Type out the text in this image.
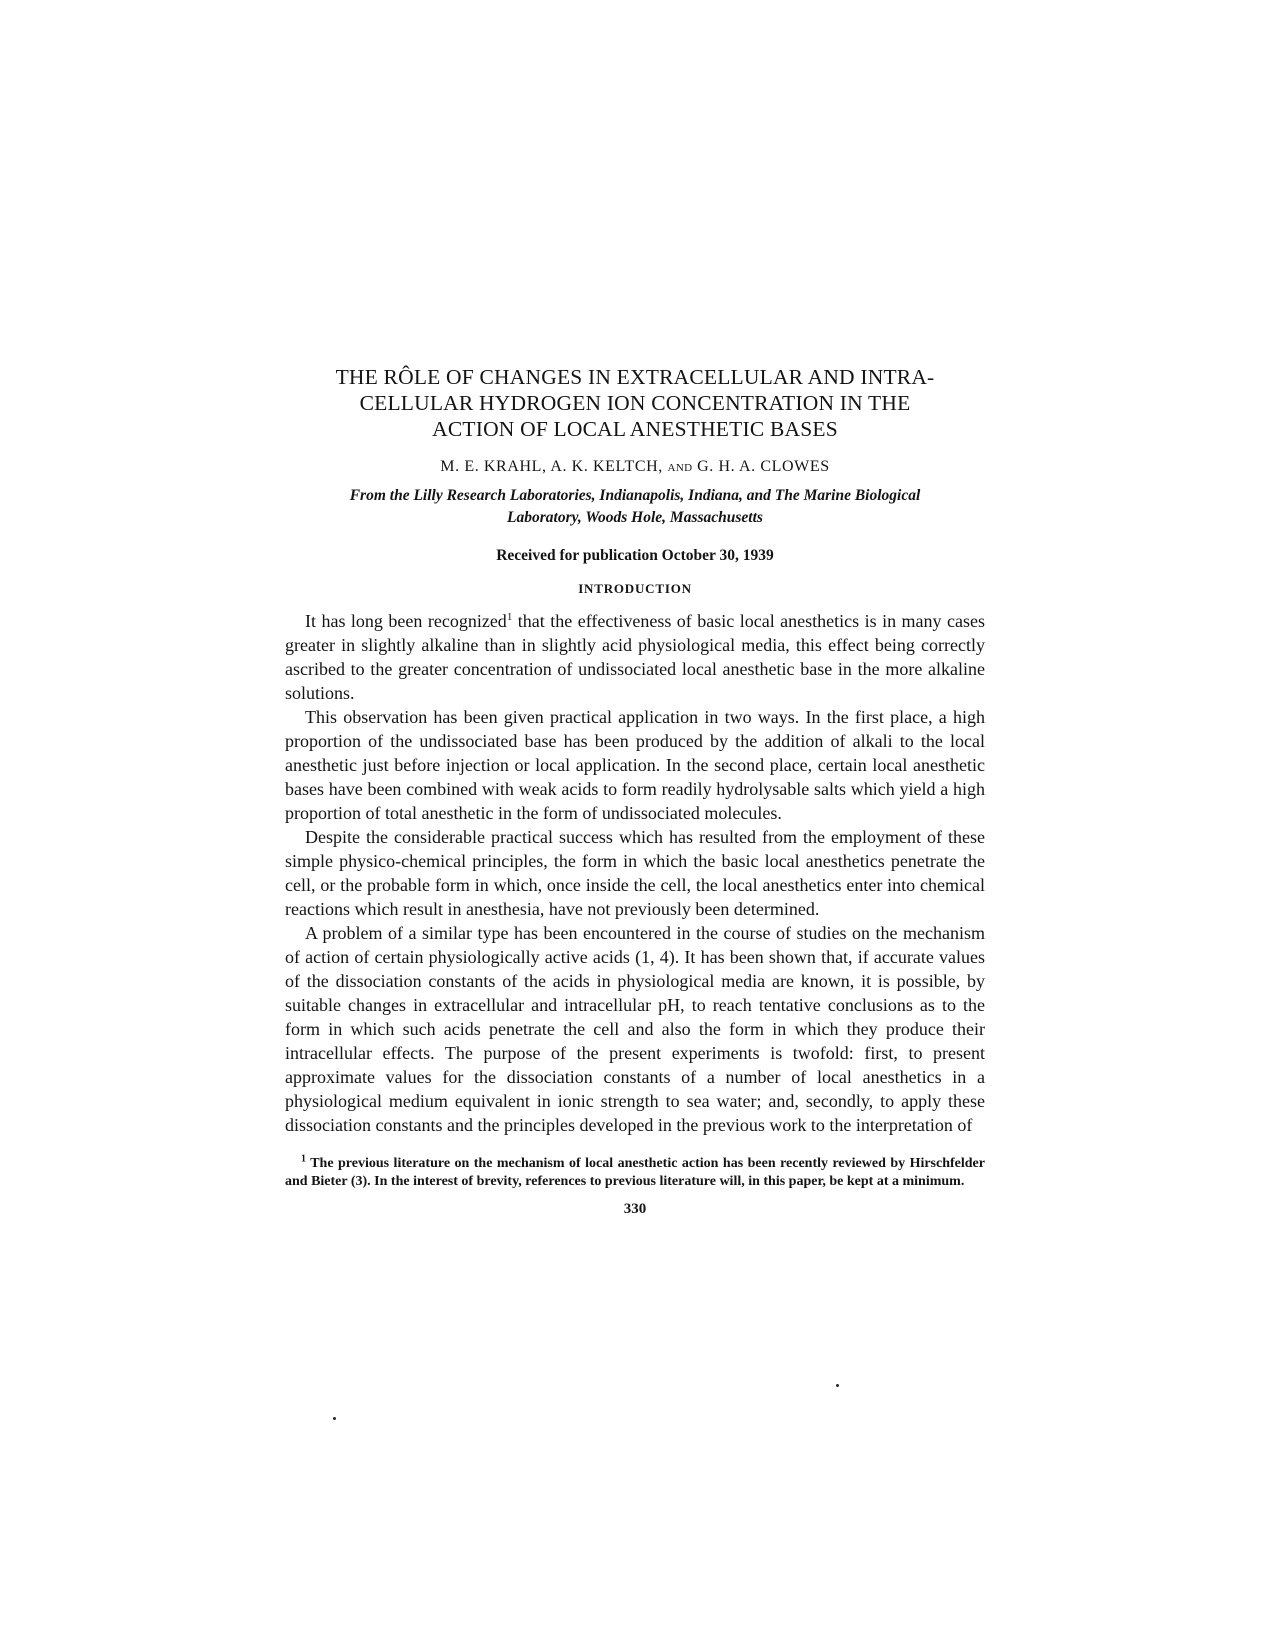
THE RÔLE OF CHANGES IN EXTRACELLULAR AND INTRA-
CELLULAR HYDROGEN ION CONCENTRATION IN THE
ACTION OF LOCAL ANESTHETIC BASES

M. E. KRAHL, A. K. KELTCH, AND G. H. A. CLOWES

From the Lilly Research Laboratories, Indianapolis, Indiana, and The Marine Biological
Laboratory, Woods Hole, Massachusetts

Received for publication October 30, 1939

INTRODUCTION

It has long been recognized$^1$ that the effectiveness of basic local anesthetics is in many cases greater in slightly alkaline than in slightly acid physiological media, this effect being correctly ascribed to the greater concentration of undissociated local anesthetic base in the more alkaline solutions.

This observation has been given practical application in two ways. In the first place, a high proportion of the undissociated base has been produced by the addition of alkali to the local anesthetic just before injection or local application. In the second place, certain local anesthetic bases have been combined with weak acids to form readily hydrolysable salts which yield a high proportion of total anesthetic in the form of undissociated molecules.

Despite the considerable practical success which has resulted from the employment of these simple physico-chemical principles, the form in which the basic local anesthetics penetrate the cell, or the probable form in which, once inside the cell, the local anesthetics enter into chemical reactions which result in anesthesia, have not previously been determined.

A problem of a similar type has been encountered in the course of studies on the mechanism of action of certain physiologically active acids (1, 4). It has been shown that, if accurate values of the dissociation constants of the acids in physiological media are known, it is possible, by suitable changes in extracellular and intracellular pH, to reach tentative conclusions as to the form in which such acids penetrate the cell and also the form in which they produce their intracellular effects. The purpose of the present experiments is twofold: first, to present approximate values for the dissociation constants of a number of local anesthetics in a physiological medium equivalent in ionic strength to sea water; and, secondly, to apply these dissociation constants and the principles developed in the previous work to the interpretation of

$^1$ The previous literature on the mechanism of local anesthetic action has been recently reviewed by Hirschfelder and Bieter (3). In the interest of brevity, references to previous literature will, in this paper, be kept at a minimum.

330
